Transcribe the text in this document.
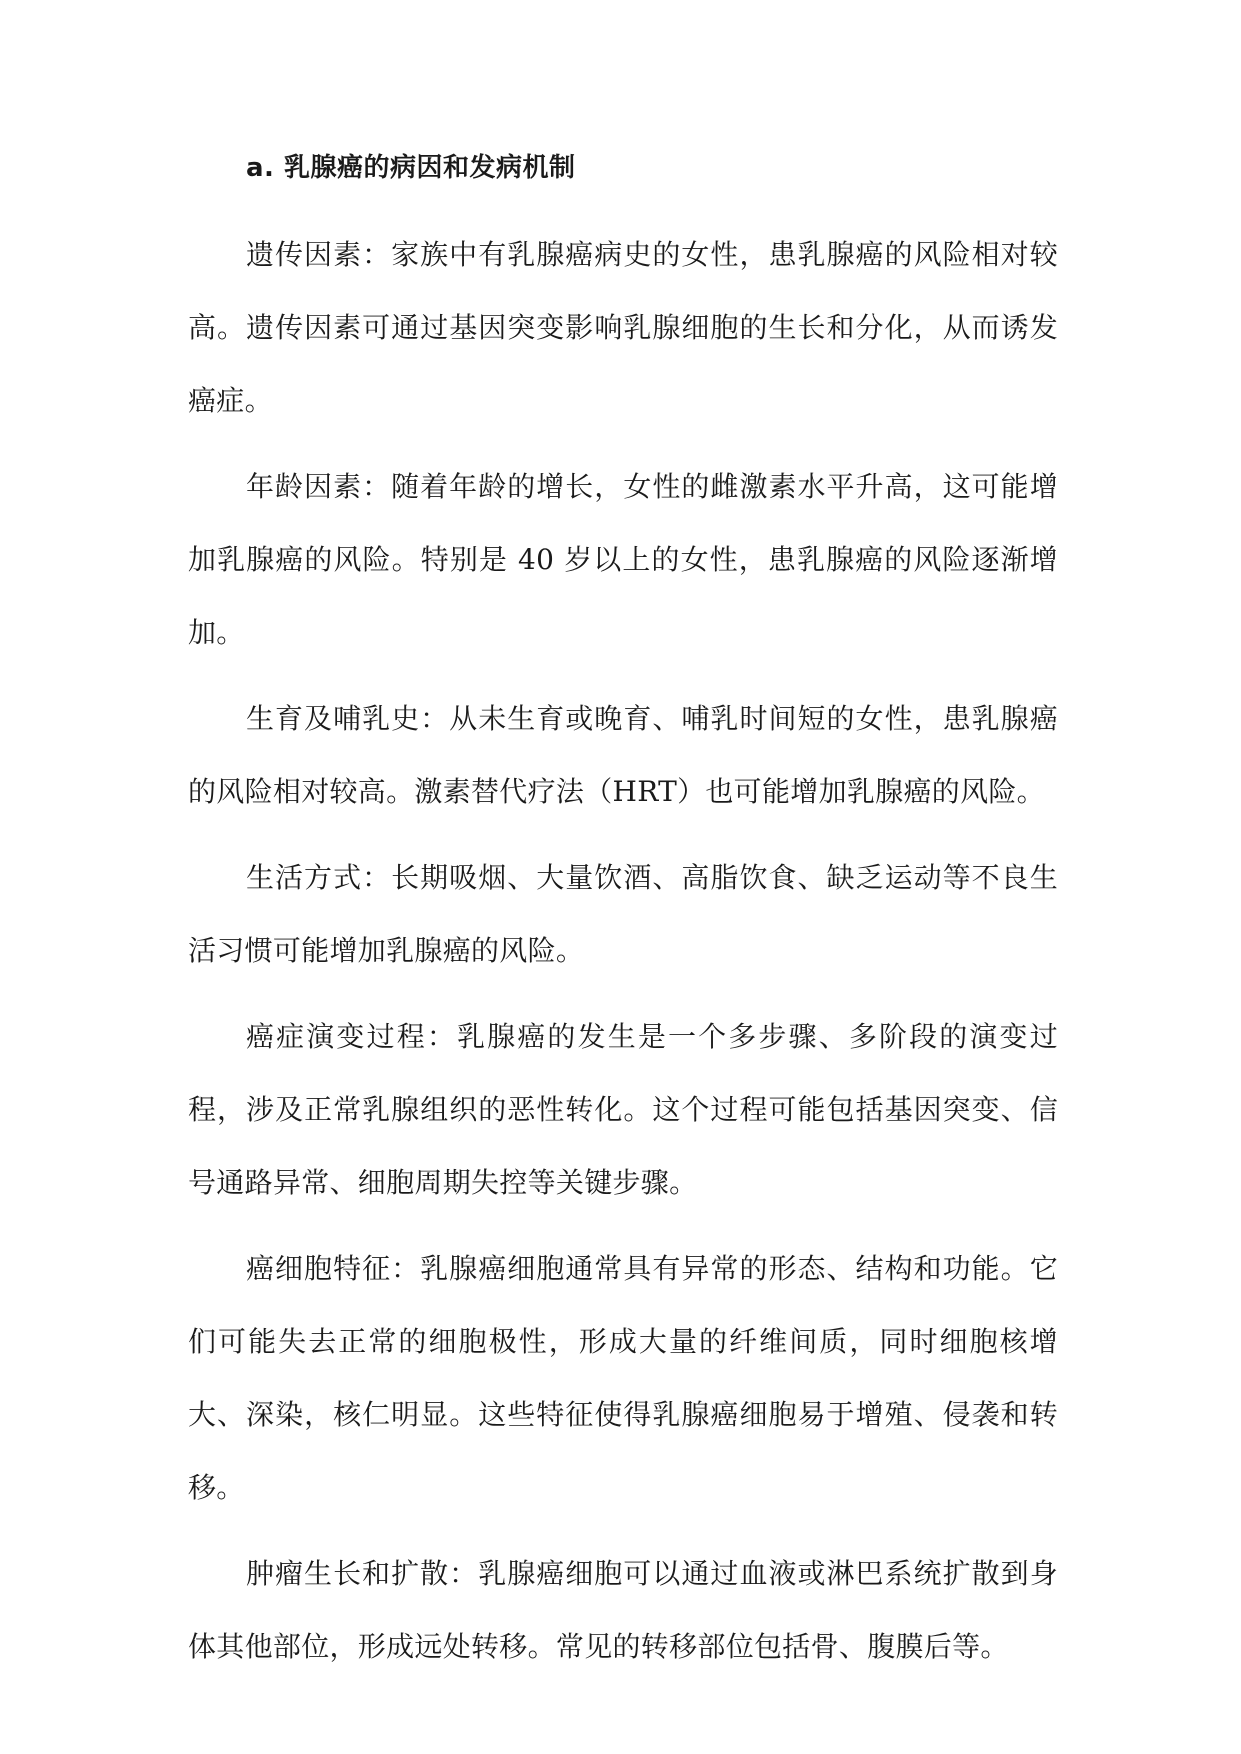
a. 乳腺癌的病因和发病机制

遗传因素：家族中有乳腺癌病史的女性，患乳腺癌的风险相对较高。遗传因素可通过基因突变影响乳腺细胞的生长和分化，从而诱发癌症。

年龄因素：随着年龄的增长，女性的雌激素水平升高，这可能增加乳腺癌的风险。特别是 40 岁以上的女性，患乳腺癌的风险逐渐增加。

生育及哺乳史：从未生育或晚育、哺乳时间短的女性，患乳腺癌的风险相对较高。激素替代疗法（HRT）也可能增加乳腺癌的风险。

生活方式：长期吸烟、大量饮酒、高脂饮食、缺乏运动等不良生活习惯可能增加乳腺癌的风险。

癌症演变过程：乳腺癌的发生是一个多步骤、多阶段的演变过程，涉及正常乳腺组织的恶性转化。这个过程可能包括基因突变、信号通路异常、细胞周期失控等关键步骤。

癌细胞特征：乳腺癌细胞通常具有异常的形态、结构和功能。它们可能失去正常的细胞极性，形成大量的纤维间质，同时细胞核增大、深染，核仁明显。这些特征使得乳腺癌细胞易于增殖、侵袭和转移。

肿瘤生长和扩散：乳腺癌细胞可以通过血液或淋巴系统扩散到身体其他部位，形成远处转移。常见的转移部位包括骨、腹膜后等。
